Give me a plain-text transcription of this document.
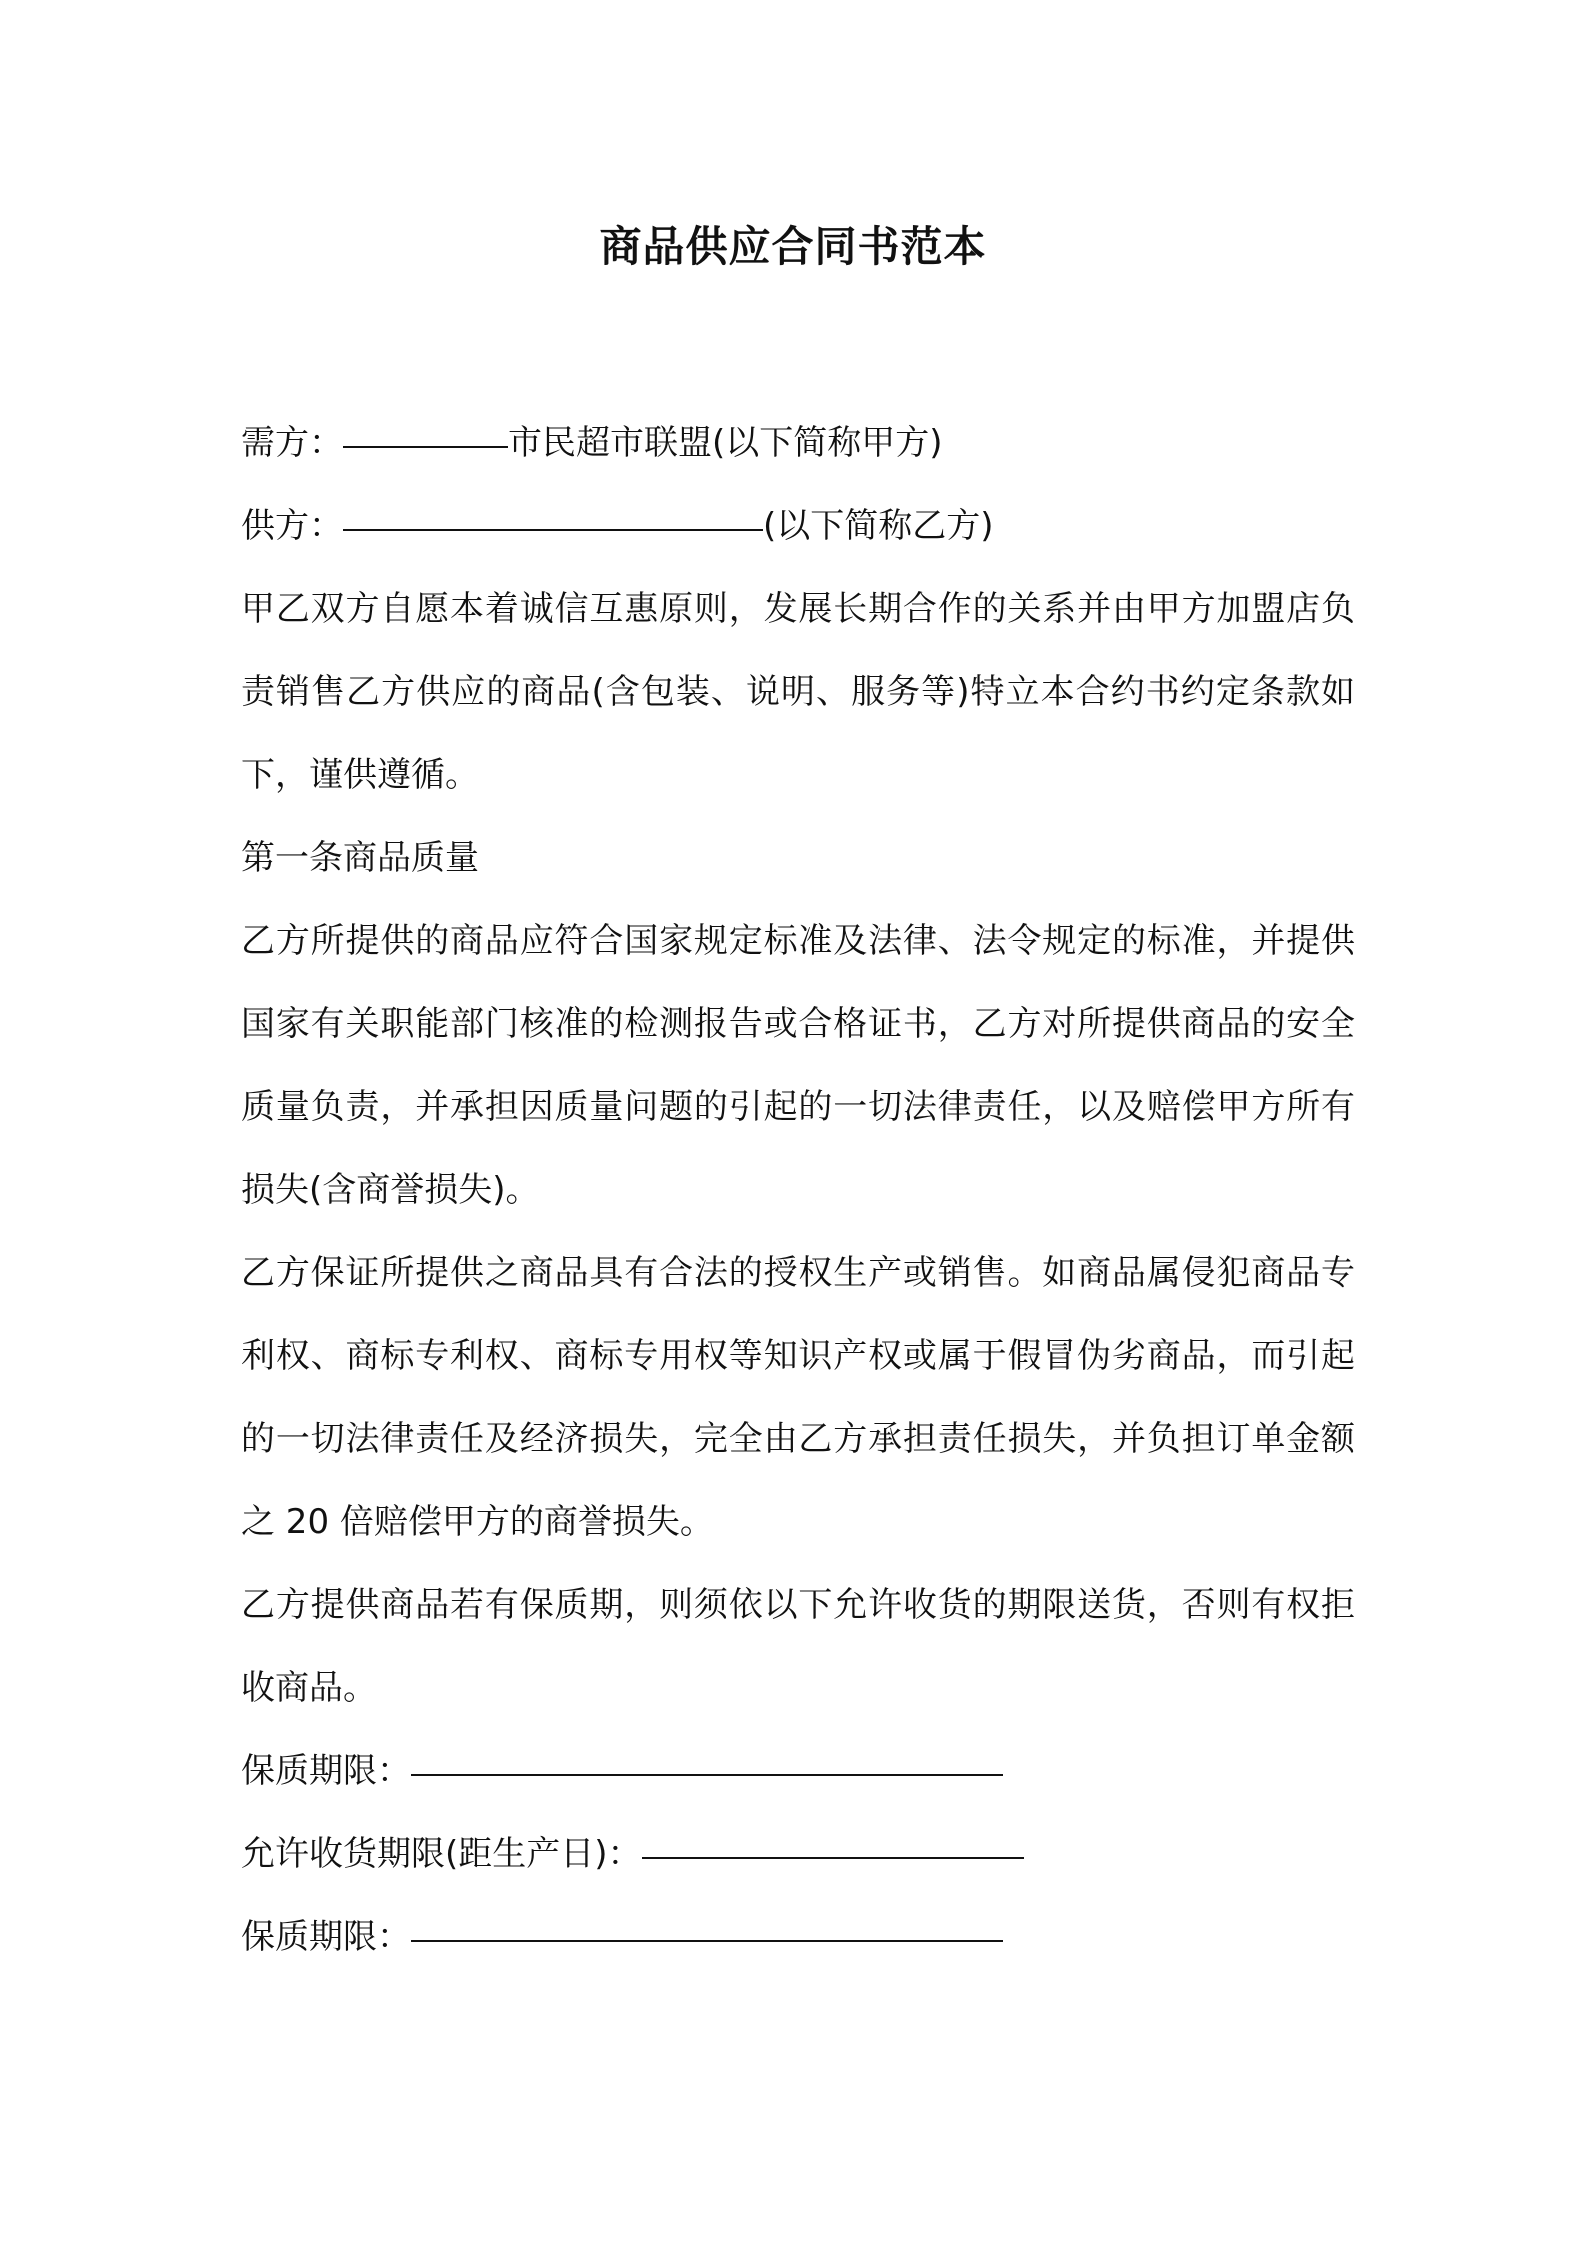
商品供应合同书范本

需方：	市民超市联盟(以下简称甲方)

供方：	(以下简称乙方)

甲乙双方自愿本着诚信互惠原则，发展长期合作的关系并由甲方加盟店负责销售乙方供应的商品(含包装、说明、服务等)特立本合约书约定条款如下，谨供遵循。

第一条商品质量

乙方所提供的商品应符合国家规定标准及法律、法令规定的标准，并提供国家有关职能部门核准的检测报告或合格证书，乙方对所提供商品的安全质量负责，并承担因质量问题的引起的一切法律责任，以及赔偿甲方所有损失(含商誉损失)。

乙方保证所提供之商品具有合法的授权生产或销售。如商品属侵犯商品专利权、商标专利权、商标专用权等知识产权或属于假冒伪劣商品，而引起的一切法律责任及经济损失，完全由乙方承担责任损失，并负担订单金额之 20 倍赔偿甲方的商誉损失。

乙方提供商品若有保质期，则须依以下允许收货的期限送货，否则有权拒收商品。

保质期限：

允许收货期限(距生产日)：

保质期限：
